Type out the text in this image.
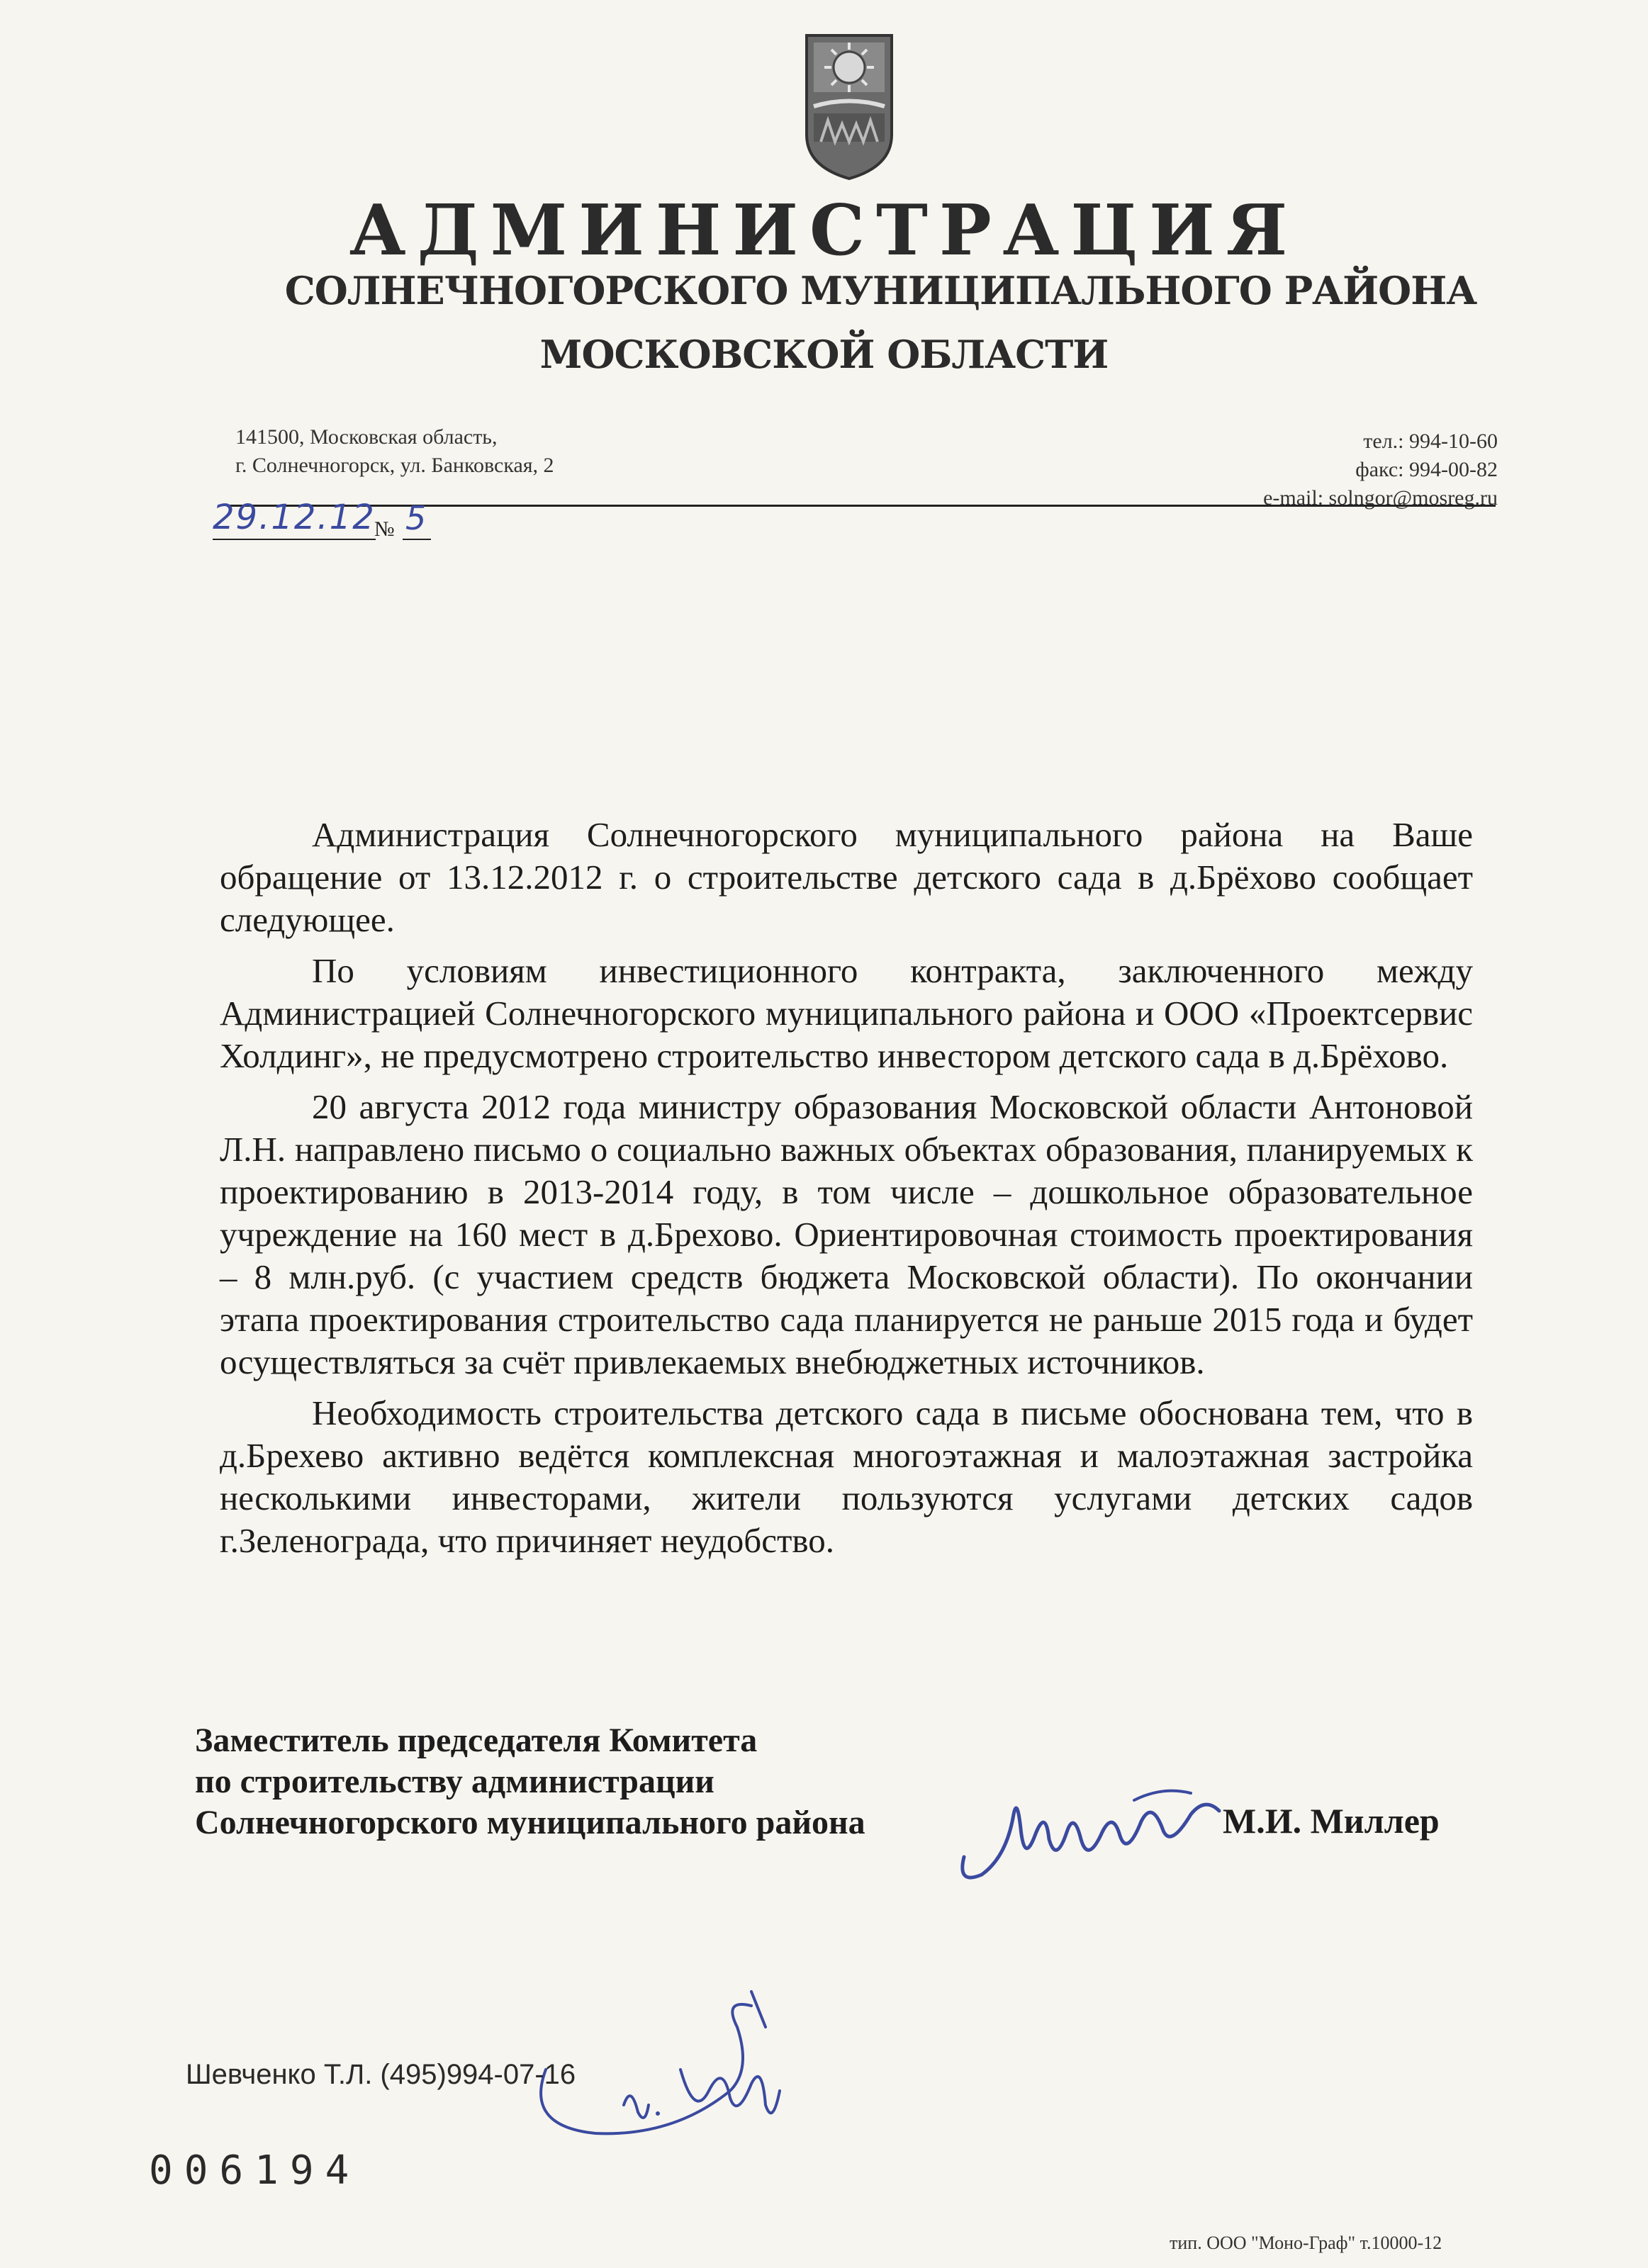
АДМИНИСТРАЦИЯ
СОЛНЕЧНОГОРСКОГО МУНИЦИПАЛЬНОГО РАЙОНА
МОСКОВСКОЙ ОБЛАСТИ
141500, Московская область,
г. Солнечногорск, ул. Банковская, 2
тел.: 994-10-60
факс: 994-00-82
e-mail: solngor@mosreg.ru
29.12.12
№ 5

Администрация Солнечногорского муниципального района на Ваше обращение от 13.12.2012 г. о строительстве детского сада в д.Брёхово сообщает следующее.

По условиям инвестиционного контракта, заключенного между Администрацией Солнечногорского муниципального района и ООО «Проектсервис Холдинг», не предусмотрено строительство инвестором детского сада в д.Брёхово.

20 августа 2012 года министру образования Московской области Антоновой Л.Н. направлено письмо о социально важных объектах образования, планируемых к проектированию в 2013-2014 году, в том числе – дошкольное образовательное учреждение на 160 мест в д.Брехово. Ориентировочная стоимость проектирования – 8 млн.руб. (с участием средств бюджета Московской области). По окончании этапа проектирования строительство сада планируется не раньше 2015 года и будет осуществляться за счёт привлекаемых внебюджетных источников.

Необходимость строительства детского сада в письме обоснована тем, что в д.Брехево активно ведётся комплексная многоэтажная и малоэтажная застройка несколькими инвесторами, жители пользуются услугами детских садов г.Зеленограда, что причиняет неудобство.

Заместитель председателя Комитета
по строительству администрации
Солнечногорского муниципального района	М.И. Миллер
Шевченко Т.Л. (495)994-07-16
006194
тип. ООО "Моно-Граф" т.10000-12
